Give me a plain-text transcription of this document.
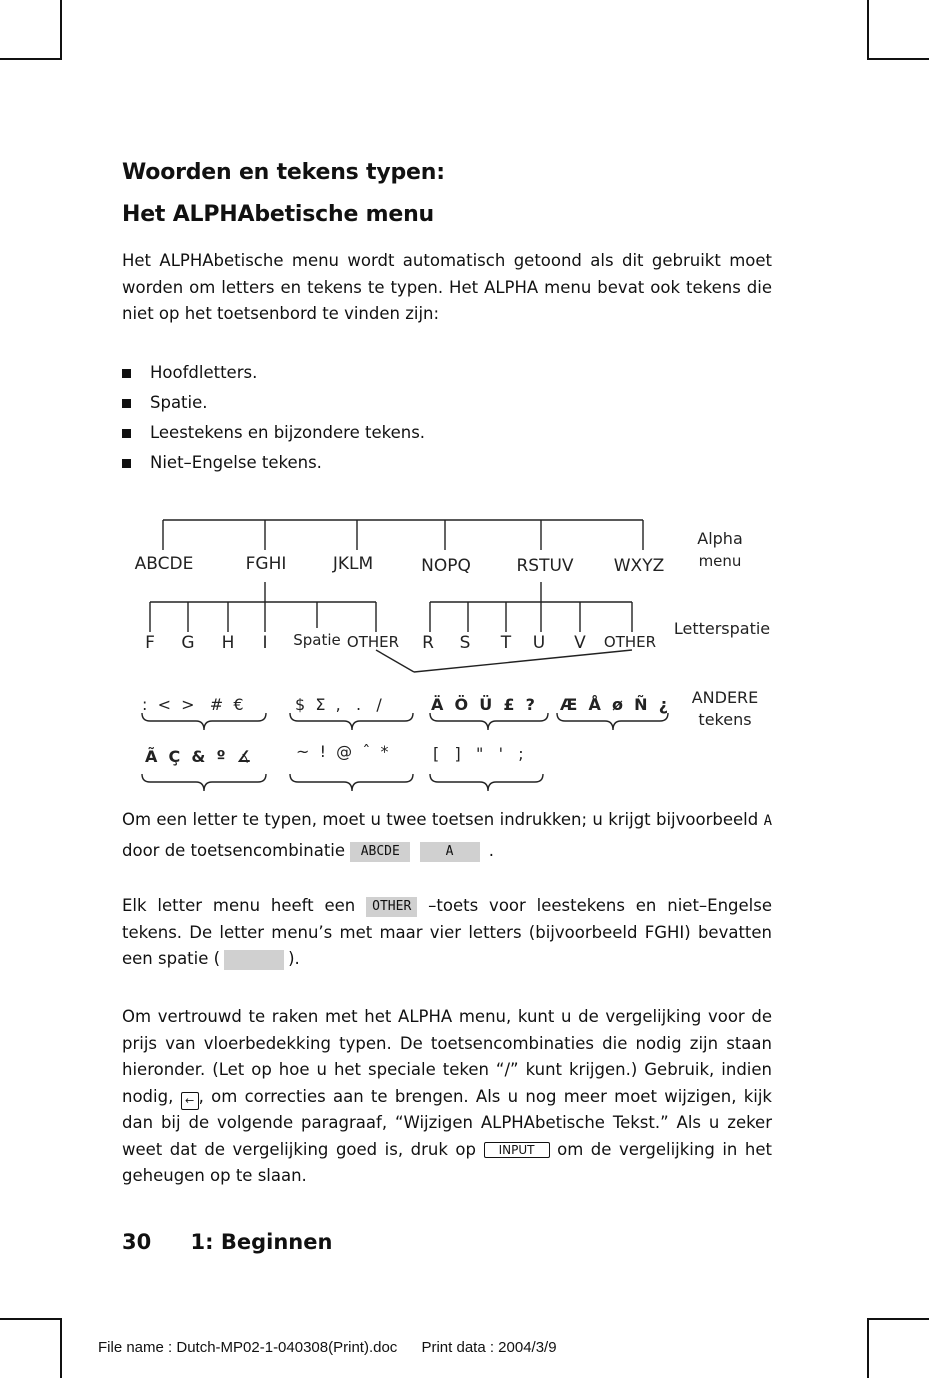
Woorden en tekens typen:
Het ALPHAbetische menu
Het ALPHAbetische menu wordt automatisch getoond als dit gebruikt moet worden om letters en tekens te typen. Het ALPHA menu bevat ook tekens die niet op het toetsenbord te vinden zijn:
Hoofdletters.
Spatie.
Leestekens en bijzondere tekens.
Niet–Engelse tekens.
ABCDE	FGHI	JKLM	NOPQ	RSTUV WXYZ
Alpha
menu
Letterspatie
ANDERE
tekens
F G H I Spatie OTHER R S T U V OTHER
:  <  >   #  €	$  Σ  ,   .   /	Ä  Ö  Ü  £  ? Æ  Å  ø  Ñ  ¿
Ã  Ç  &  º  ∡	~  !  @  ˆ  *	[   ]   "   '   ;
Om een letter te typen, moet u twee toetsen indrukken; u krijgt bijvoorbeeld A door de toetsencombinatie ABCDE	A .
Elk letter menu heeft een OTHER –toets voor leestekens en niet–Engelse tekens. De letter menu’s met maar vier letters (bijvoorbeeld FGHI) bevatten een spatie (	).
Om vertrouwd te raken met het ALPHA menu, kunt u de vergelijking voor de prijs van vloerbedekking typen. De toetsencombinaties die nodig zijn staan hieronder. (Let op hoe u het speciale teken “/” kunt krijgen.) Gebruik, indien nodig, ← , om correcties aan te brengen. Als u nog meer moet wijzigen, kijk dan bij de volgende paragraaf, “Wijzigen ALPHAbetische Tekst.” Als u zeker weet dat de vergelijking goed is, druk op INPUT om de vergelijking in het geheugen op te slaan.
30 1: Beginnen
File name : Dutch-MP02-1-040308(Print).doc Print data : 2004/3/9
